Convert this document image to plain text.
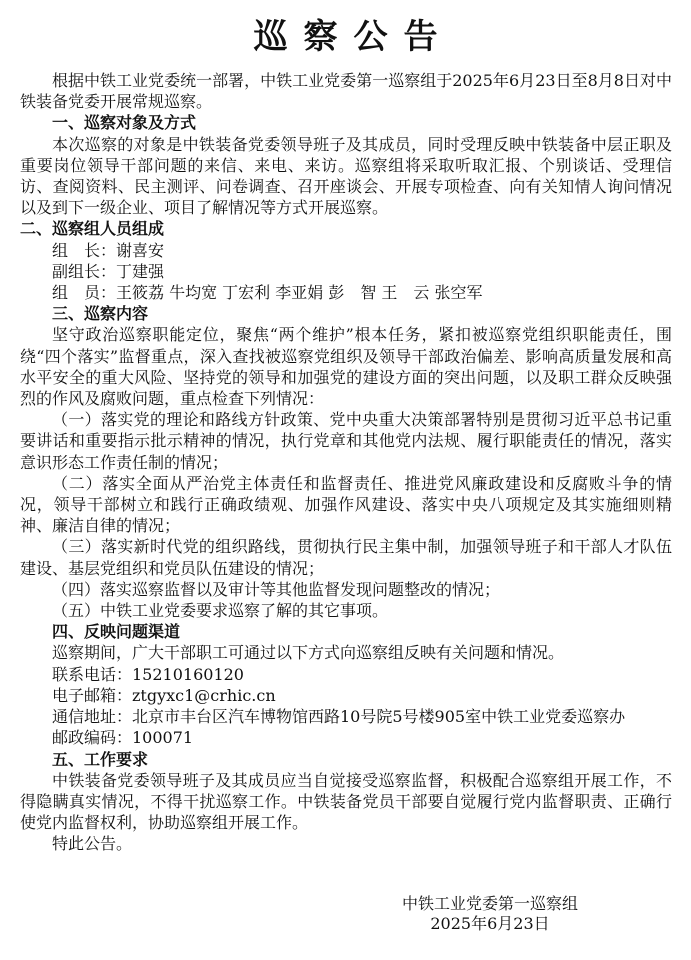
巡察公告

根据中铁工业党委统一部署，中铁工业党委第一巡察组于2025年6月23日至8月8日对中铁装备党委开展常规巡察。

一、巡察对象及方式

本次巡察的对象是中铁装备党委领导班子及其成员，同时受理反映中铁装备中层正职及重要岗位领导干部问题的来信、来电、来访。巡察组将采取听取汇报、个别谈话、受理信访、查阅资料、民主测评、问卷调查、召开座谈会、开展专项检查、向有关知情人询问情况以及到下一级企业、项目了解情况等方式开展巡察。

二、巡察组人员组成

组　长：谢喜安

副组长：丁建强

组　员：王筱荔 牛均宽 丁宏利 李亚娟 彭　智 王　云 张空军

三、巡察内容

坚守政治巡察职能定位，聚焦“两个维护”根本任务，紧扣被巡察党组织职能责任，围绕“四个落实”监督重点，深入查找被巡察党组织及领导干部政治偏差、影响高质量发展和高水平安全的重大风险、坚持党的领导和加强党的建设方面的突出问题，以及职工群众反映强烈的作风及腐败问题，重点检查下列情况：

（一）落实党的理论和路线方针政策、党中央重大决策部署特别是贯彻习近平总书记重要讲话和重要指示批示精神的情况，执行党章和其他党内法规、履行职能责任的情况，落实意识形态工作责任制的情况；

（二）落实全面从严治党主体责任和监督责任、推进党风廉政建设和反腐败斗争的情况，领导干部树立和践行正确政绩观、加强作风建设、落实中央八项规定及其实施细则精神、廉洁自律的情况；

（三）落实新时代党的组织路线，贯彻执行民主集中制，加强领导班子和干部人才队伍建设、基层党组织和党员队伍建设的情况；

（四）落实巡察监督以及审计等其他监督发现问题整改的情况；

（五）中铁工业党委要求巡察了解的其它事项。

四、反映问题渠道

巡察期间，广大干部职工可通过以下方式向巡察组反映有关问题和情况。

联系电话：15210160120

电子邮箱：ztgyxc1@crhic.cn

通信地址：北京市丰台区汽车博物馆西路10号院5号楼905室中铁工业党委巡察办

邮政编码：100071

五、工作要求

中铁装备党委领导班子及其成员应当自觉接受巡察监督，积极配合巡察组开展工作，不得隐瞒真实情况，不得干扰巡察工作。中铁装备党员干部要自觉履行党内监督职责、正确行使党内监督权利，协助巡察组开展工作。

特此公告。

中铁工业党委第一巡察组
2025年6月23日
